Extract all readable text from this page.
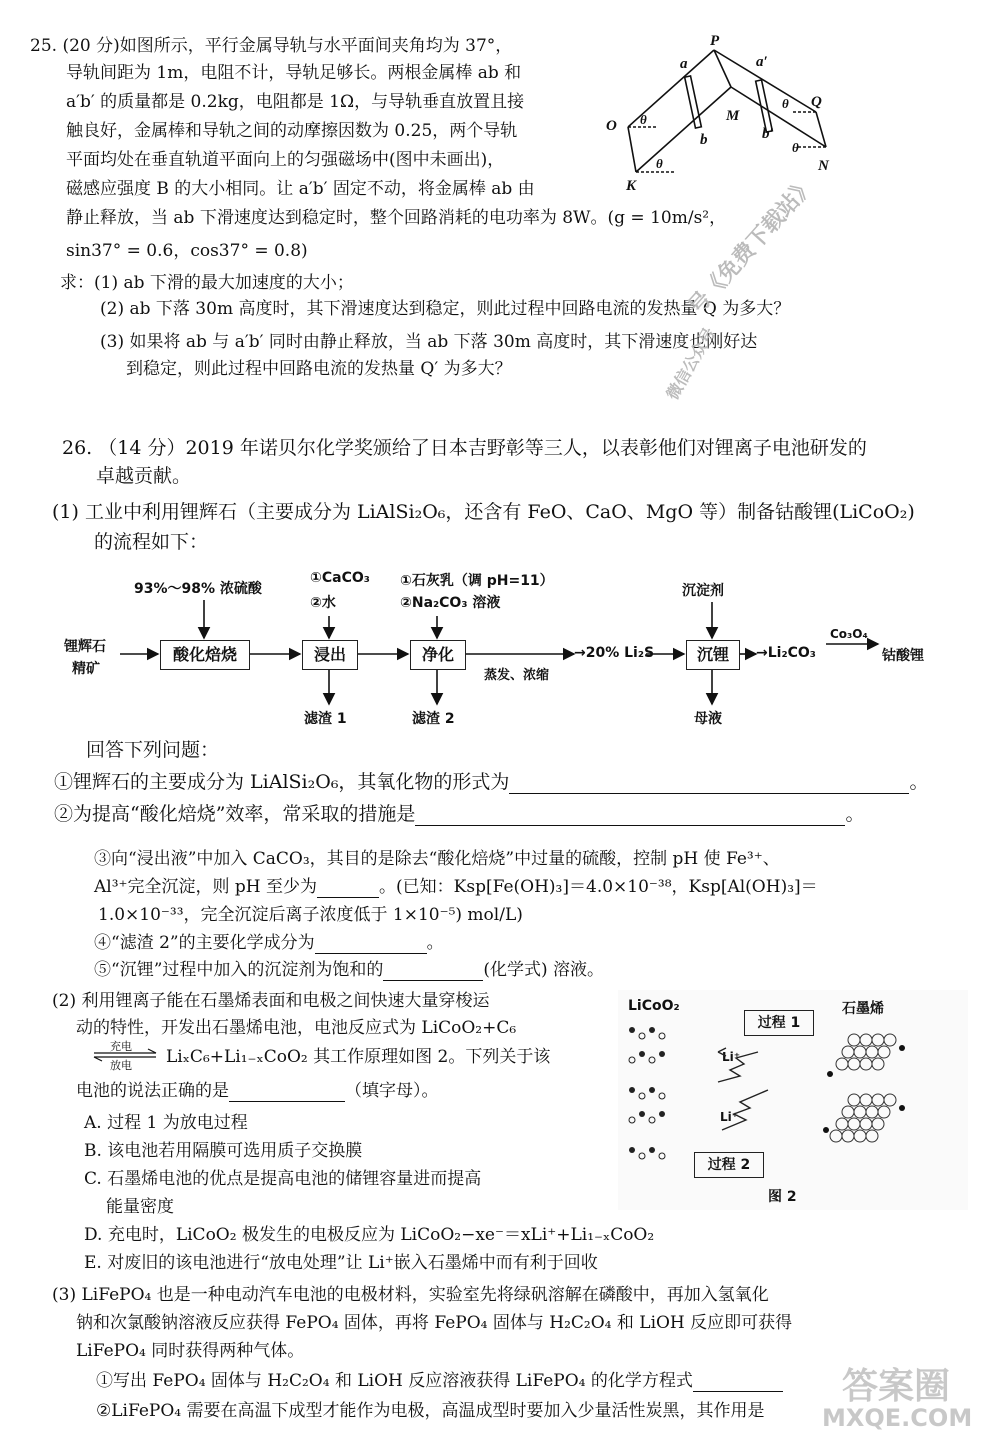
25. (20 分)如图所示，平行金属导轨与水平面间夹角均为 37°，
导轨间距为 1m，电阻不计，导轨足够长。两根金属棒 ab 和
a′b′ 的质量都是 0.2kg，电阻都是 1Ω，与导轨垂直放置且接
触良好，金属棒和导轨之间的动摩擦因数为 0.25，两个导轨
平面均处在垂直轨道平面向上的匀强磁场中(图中未画出)，
磁感应强度 B 的大小相同。让 a′b′ 固定不动，将金属棒 ab 由
静止释放，当 ab 下滑速度达到稳定时，整个回路消耗的电功率为 8W。(g = 10m/s²，
sin37° = 0.6，cos37° = 0.8)
求：(1) ab 下滑的最大加速度的大小；
(2) ab 下落 30m 高度时，其下滑速度达到稳定，则此过程中回路电流的发热量 Q 为多大？
(3) 如果将 ab 与 a′b′ 同时由静止释放，当 ab 下落 30m 高度时，其下滑速度也刚好达
到稳定，则此过程中回路电流的发热量 Q′ 为多大？
P
a	a′
O
b
M
b′
Q
N
K
θ
θ
θ
θ
号《免费下载站》
微信公众号
26. （14 分）2019 年诺贝尔化学奖颁给了日本吉野彰等三人，以表彰他们对锂离子电池研发的
卓越贡献。
(1) 工业中利用锂辉石（主要成分为 LiAlSi₂O₆，还含有 FeO、CaO、MgO 等）制备钴酸锂(LiCoO₂)
的流程如下：
锂辉石
精矿
93%～98% 浓硫酸
酸化焙烧
①CaCO₃
②水
浸出
滤渣 1
①石灰乳（调 pH=11）
②Na₂CO₃ 溶液
净化
滤渣 2
蒸发、浓缩
→20% Li₂S
沉淀剂
沉锂
母液
→Li₂CO₃
Co₃O₄
钴酸锂
回答下列问题：
①锂辉石的主要成分为 LiAlSi₂O₆，其氧化物的形式为	。
②为提高“酸化焙烧”效率，常采取的措施是	。
③向“浸出液”中加入 CaCO₃，其目的是除去“酸化焙烧”中过量的硫酸，控制 pH 使 Fe³⁺、
Al³⁺完全沉淀，则 pH 至少为	。(已知：Ksp[Fe(OH)₃]＝4.0×10⁻³⁸，Ksp[Al(OH)₃]＝
1.0×10⁻³³，完全沉淀后离子浓度低于 1×10⁻⁵) mol/L)
④“滤渣 2”的主要化学成分为	。
⑤“沉锂”过程中加入的沉淀剂为饱和的	(化学式) 溶液。
(2) 利用锂离子能在石墨烯表面和电极之间快速大量穿梭运
动的特性，开发出石墨烯电池，电池反应式为 LiCoO₂+C₆
充电
放电 LiₓC₆+Li₁₋ₓCoO₂ 其工作原理如图 2。下列关于该
电池的说法正确的是	（填字母）。
A. 过程 1 为放电过程
B. 该电池若用隔膜可选用质子交换膜
C. 石墨烯电池的优点是提高电池的储锂容量进而提高
能量密度
D. 充电时，LiCoO₂ 极发生的电极反应为 LiCoO₂−xe⁻＝xLi⁺+Li₁₋ₓCoO₂
E. 对废旧的该电池进行“放电处理”让 Li⁺嵌入石墨烯中而有利于回收
LiCoO₂	石墨烯
过程 1
过程 2
Li⁺
Li⁺
图 2
(3) LiFePO₄ 也是一种电动汽车电池的电极材料，实验室先将绿矾溶解在磷酸中，再加入氢氧化
钠和次氯酸钠溶液反应获得 FePO₄ 固体，再将 FePO₄ 固体与 H₂C₂O₄ 和 LiOH 反应即可获得
LiFePO₄ 同时获得两种气体。
①写出 FePO₄ 固体与 H₂C₂O₄ 和 LiOH 反应溶液获得 LiFePO₄ 的化学方程式
②LiFePO₄ 需要在高温下成型才能作为电极，高温成型时要加入少量活性炭黑，其作用是
答案圈
MXQE.COM
